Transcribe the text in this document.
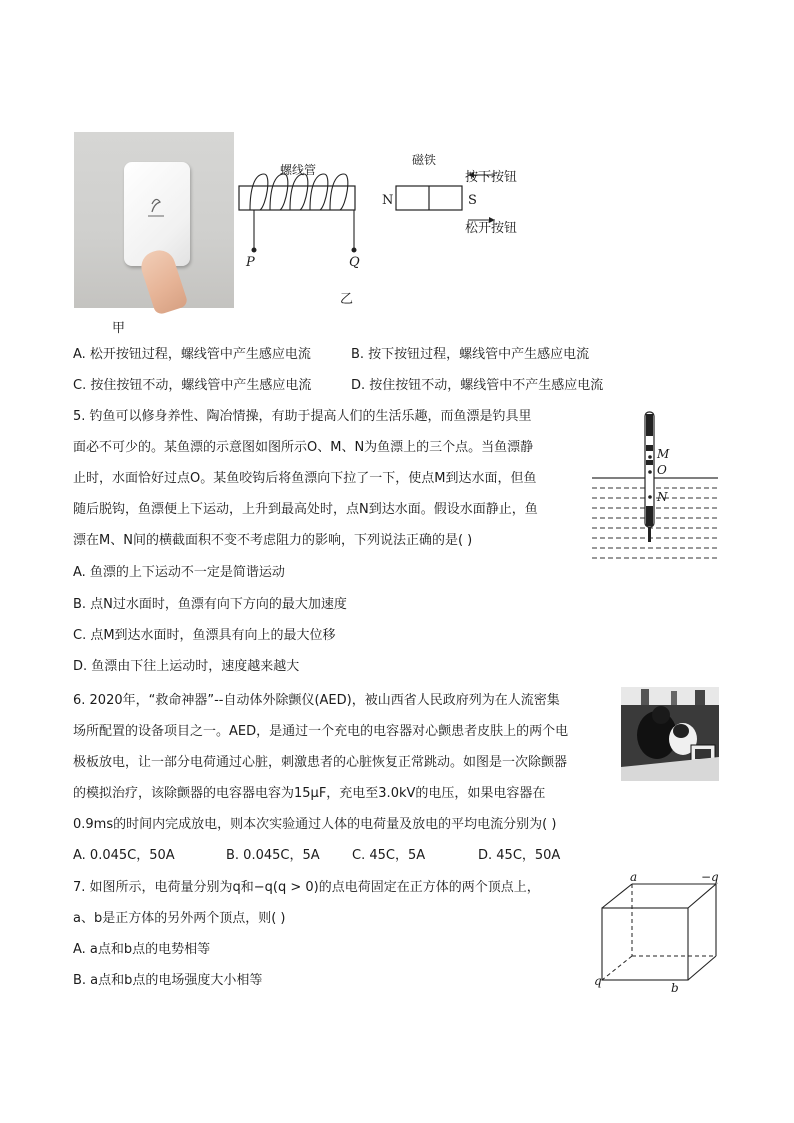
甲
螺线管
磁铁
N	S
按下按钮
松开按钮
P	Q
乙
A. 松开按钮过程，螺线管中产生感应电流	B. 按下按钮过程，螺线管中产生感应电流
C. 按住按钮不动，螺线管中产生感应电流	D. 按住按钮不动，螺线管中不产生感应电流
5. 钓鱼可以修身养性、陶冶情操，有助于提高人们的生活乐趣，而鱼漂是钓具里
面必不可少的。某鱼漂的示意图如图所示O、M、N为鱼漂上的三个点。当鱼漂静
止时，水面恰好过点O。某鱼咬钩后将鱼漂向下拉了一下，使点M到达水面，但鱼
随后脱钩，鱼漂便上下运动，上升到最高处时，点N到达水面。假设水面静止，鱼
漂在M、N间的横截面积不变不考虑阻力的影响，下列说法正确的是( )
A. 鱼漂的上下运动不一定是简谐运动
B. 点N过水面时，鱼漂有向下方向的最大加速度
C. 点M到达水面时，鱼漂具有向上的最大位移
D. 鱼漂由下往上运动时，速度越来越大
M
O
N
6. 2020年，“救命神器”--自动体外除颤仪(AED)，被山西省人民政府列为在人流密集
场所配置的设备项目之一。AED，是通过一个充电的电容器对心颤患者皮肤上的两个电
极板放电，让一部分电荷通过心脏，刺激患者的心脏恢复正常跳动。如图是一次除颤器
的模拟治疗，该除颤器的电容器电容为15μF，充电至3.0kV的电压，如果电容器在
0.9ms的时间内完成放电，则本次实验通过人体的电荷量及放电的平均电流分别为( )
A. 0.045C，50A	B. 0.045C，5A C. 45C，5A	D. 45C，50A
7. 如图所示，电荷量分别为q和−q(q > 0)的点电荷固定在正方体的两个顶点上，
a、b是正方体的另外两个顶点，则( )
A. a点和b点的电势相等
B. a点和b点的电场强度大小相等
a	−q
q	b
